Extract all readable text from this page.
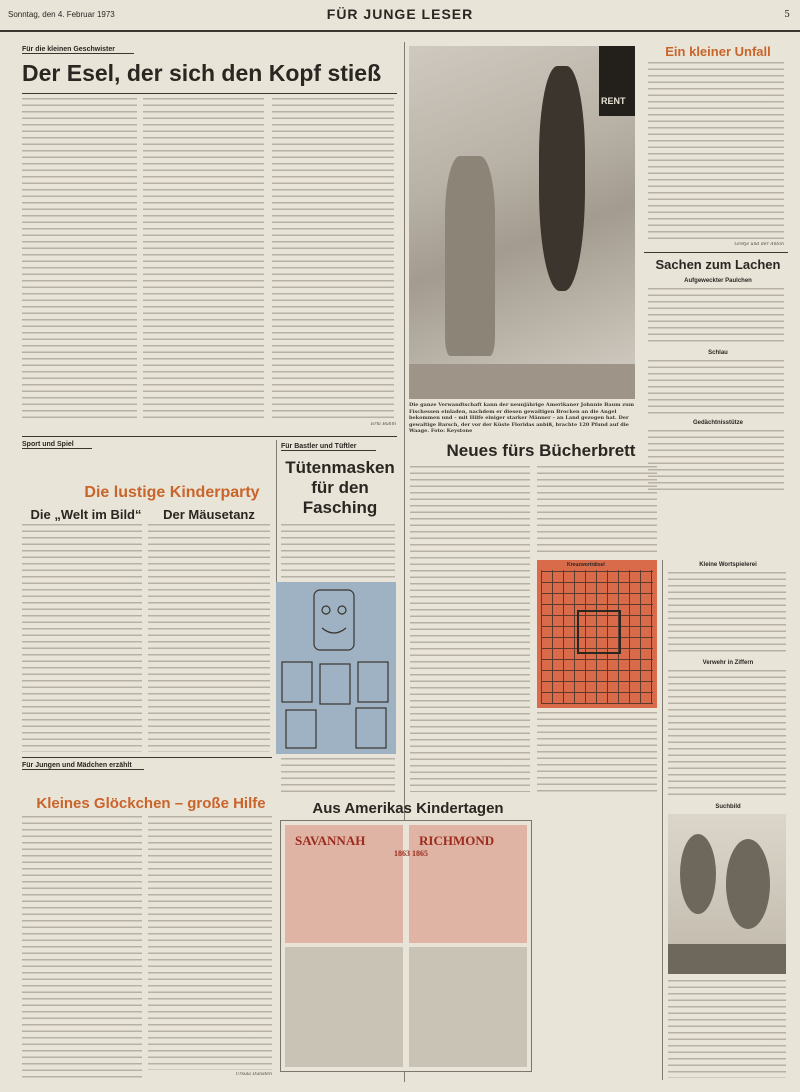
Sonntag, den 4. Februar 1973	FÜR JUNGE LESER	5
Für die kleinen Geschwister
Der Esel, der sich den Kopf stieß
Erni Bühm
RENT
Die ganze Verwandtschaft kann der neunjährige Amerikaner Johnnie Baum zum Fischessen einladen, nachdem er diesen gewaltigen Brocken an die Angel bekommen und – mit Hilfe einiger starker Männer – an Land gezogen hat. Der gewaltige Barsch, der vor der Küste Floridas anbiß, brachte 120 Pfund auf die Waage. Foto: Keystone
Ein kleiner Unfall
Gretje und der Anton
Sachen zum Lachen
Aufgeweckter Paulchen
Schlau
Gedächtnisstütze
Sport und Spiel
Die lustige Kinderparty
Die „Welt im Bild“	Der Mäusetanz
Für Bastler und Tüftler
Tütenmasken für den Fasching
Neues fürs Bücherbrett
Kreuzworträtsel	Kleine Wortspielerei
Verwehr in Ziffern
Suchbild
Für Jungen und Mädchen erzählt
Kleines Glöckchen – große Hilfe
Ursula Dunsten
Aus Amerikas Kindertagen
SAVANNAH	RICHMOND
1863 1865
